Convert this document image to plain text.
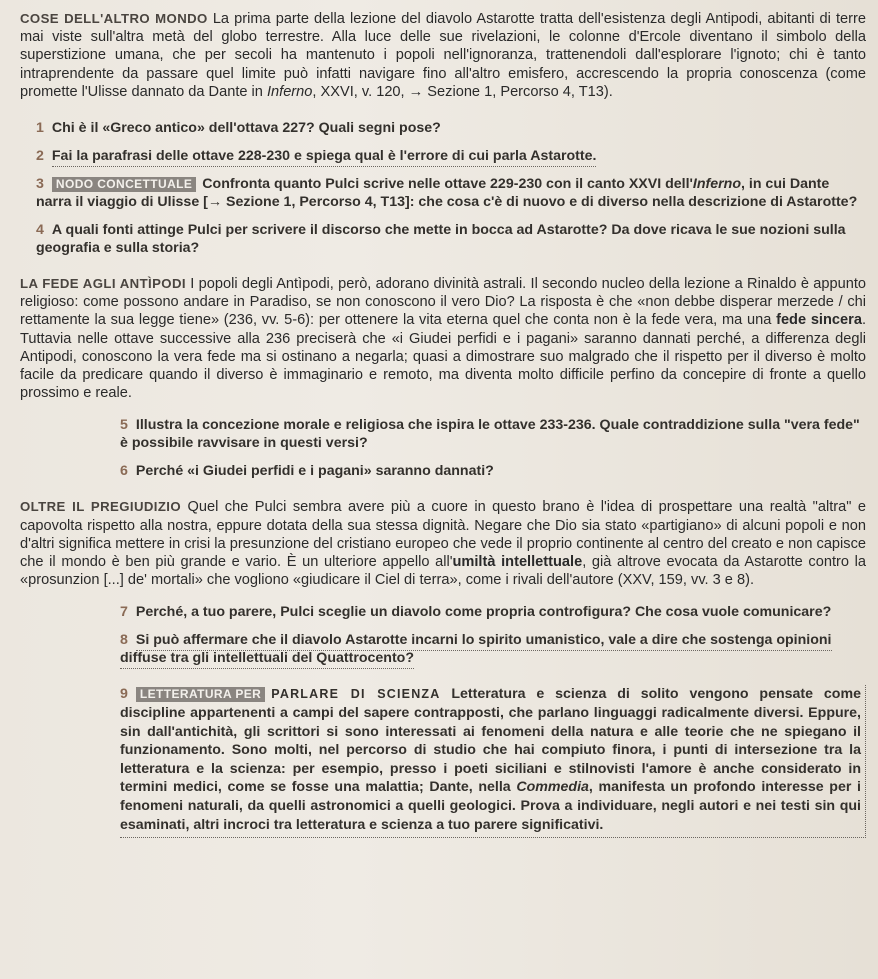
COSE DELL'ALTRO MONDO La prima parte della lezione del diavolo Astarotte tratta dell'esistenza degli Antipodi, abitanti di terre mai viste sull'altra metà del globo terrestre. Alla luce delle sue rivelazioni, le colonne d'Ercole diventano il simbolo della superstizione umana, che per secoli ha mantenuto i popoli nell'ignoranza, trattenendoli dall'esplorare l'ignoto; chi è tanto intraprendente da passare quel limite può infatti navigare fino all'altro emisfero, accrescendo la propria conoscenza (come promette l'Ulisse dannato da Dante in Inferno, XXVI, v. 120, → Sezione 1, Percorso 4, T13).

1 Chi è il «Greco antico» dell'ottava 227? Quali segni pose?

2 Fai la parafrasi delle ottave 228-230 e spiega qual è l'errore di cui parla Astarotte.

3 NODO CONCETTUALE Confronta quanto Pulci scrive nelle ottave 229-230 con il canto XXVI dell'Inferno, in cui Dante narra il viaggio di Ulisse [→ Sezione 1, Percorso 4, T13]: che cosa c'è di nuovo e di diverso nella descrizione di Astarotte?

4 A quali fonti attinge Pulci per scrivere il discorso che mette in bocca ad Astarotte? Da dove ricava le sue nozioni sulla geografia e sulla storia?

LA FEDE AGLI ANTÌPODI I popoli degli Antìpodi, però, adorano divinità astrali. Il secondo nucleo della lezione a Rinaldo è appunto religioso: come possono andare in Paradiso, se non conoscono il vero Dio? La risposta è che «non debbe disperar merzede / chi rettamente la sua legge tiene» (236, vv. 5-6): per ottenere la vita eterna quel che conta non è la fede vera, ma una fede sincera. Tuttavia nelle ottave successive alla 236 preciserà che «i Giudei perfidi e i pagani» saranno dannati perché, a differenza degli Antipodi, conoscono la vera fede ma si ostinano a negarla; quasi a dimostrare suo malgrado che il rispetto per il diverso è molto facile da predicare quando il diverso è immaginario e remoto, ma diventa molto difficile perfino da concepire di fronte a quello prossimo e reale.

5 Illustra la concezione morale e religiosa che ispira le ottave 233-236. Quale contraddizione sulla "vera fede" è possibile ravvisare in questi versi?

6 Perché «i Giudei perfidi e i pagani» saranno dannati?

OLTRE IL PREGIUDIZIO Quel che Pulci sembra avere più a cuore in questo brano è l'idea di prospettare una realtà "altra" e capovolta rispetto alla nostra, eppure dotata della sua stessa dignità. Negare che Dio sia stato «partigiano» di alcuni popoli e non d'altri significa mettere in crisi la presunzione del cristiano europeo che vede il proprio continente al centro del creato e non capisce che il mondo è ben più grande e vario. È un ulteriore appello all'umiltà intellettuale, già altrove evocata da Astarotte contro la «prosunzion [...] de' mortali» che vogliono «giudicare il Ciel di terra», come i rivali dell'autore (XXV, 159, vv. 3 e 8).

7 Perché, a tuo parere, Pulci sceglie un diavolo come propria controfigura? Che cosa vuole comunicare?

8 Si può affermare che il diavolo Astarotte incarni lo spirito umanistico, vale a dire che sostenga opinioni diffuse tra gli intellettuali del Quattrocento?

9 LETTERATURA PER PARLARE DI SCIENZA Letteratura e scienza di solito vengono pensate come discipline appartenenti a campi del sapere contrapposti, che parlano linguaggi radicalmente diversi. Eppure, sin dall'antichità, gli scrittori si sono interessati ai fenomeni della natura e alle teorie che ne spiegano il funzionamento. Sono molti, nel percorso di studio che hai compiuto finora, i punti di intersezione tra la letteratura e la scienza: per esempio, presso i poeti siciliani e stilnovisti l'amore è anche considerato in termini medici, come se fosse una malattia; Dante, nella Commedia, manifesta un profondo interesse per i fenomeni naturali, da quelli astronomici a quelli geologici. Prova a individuare, negli autori e nei testi sin qui esaminati, altri incroci tra letteratura e scienza a tuo parere significativi.
